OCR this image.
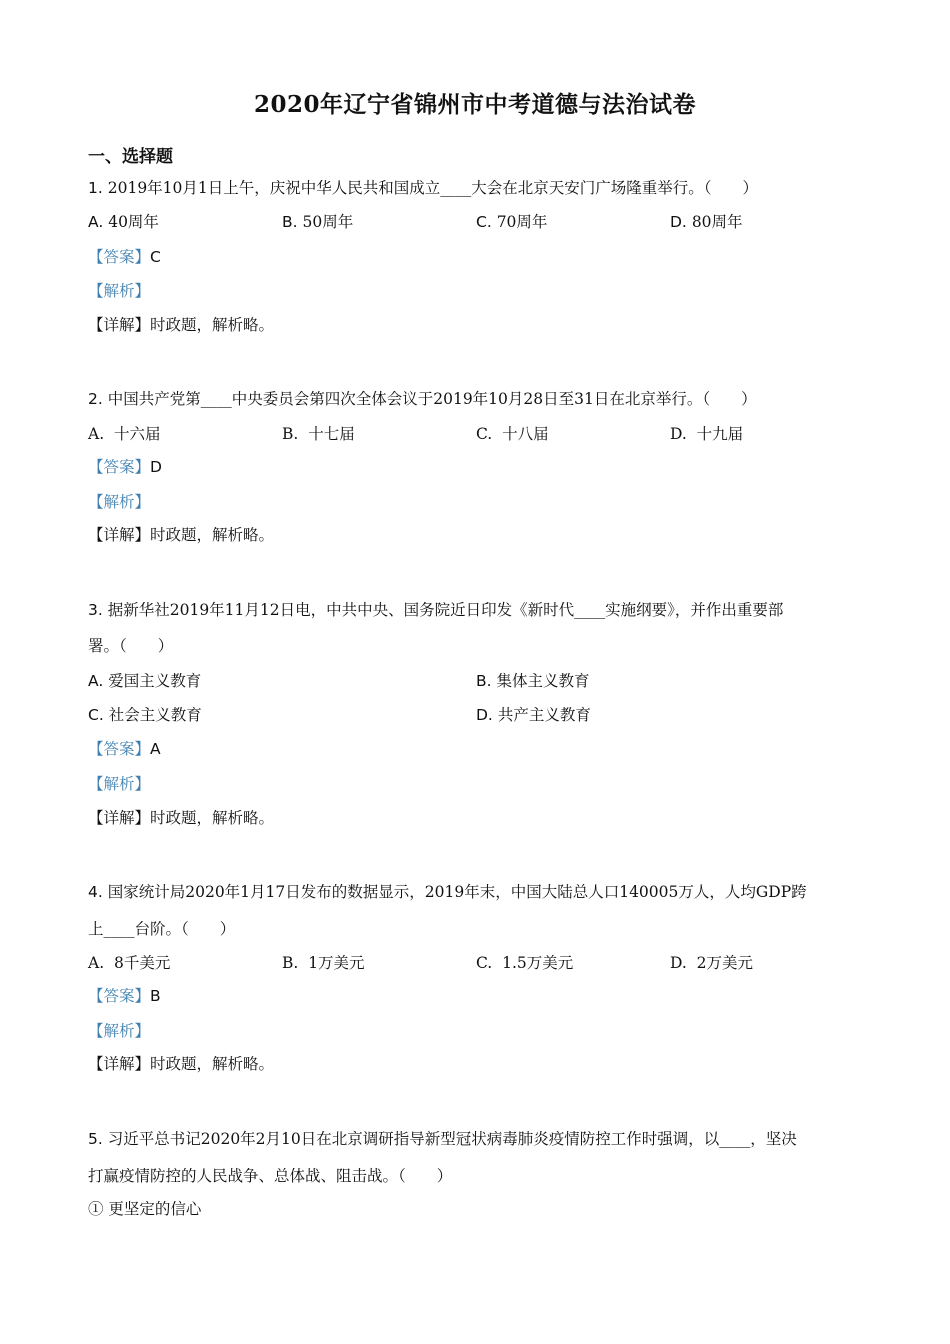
2020年辽宁省锦州市中考道德与法治试卷
一、选择题
1. 2019年10月1日上午，庆祝中华人民共和国成立____大会在北京天安门广场隆重举行。（　　）
A. 40周年	B. 50周年	C. 70周年	D. 80周年
【答案】C
【解析】
【详解】时政题，解析略。
2. 中国共产党第____中央委员会第四次全体会议于2019年10月28日至31日在北京举行。（　　）
A. 十六届	B. 十七届	C. 十八届	D. 十九届
【答案】D
【解析】
【详解】时政题，解析略。
3. 据新华社2019年11月12日电，中共中央、国务院近日印发《新时代____实施纲要》，并作出重要部
署。（　　）
A. 爱国主义教育	B. 集体主义教育
C. 社会主义教育	D. 共产主义教育
【答案】A
【解析】
【详解】时政题，解析略。
4. 国家统计局2020年1月17日发布的数据显示，2019年末，中国大陆总人口140005万人，人均GDP跨
上____台阶。（　　）
A. 8千美元	B. 1万美元	C. 1.5万美元	D. 2万美元
【答案】B
【解析】
【详解】时政题，解析略。
5. 习近平总书记2020年2月10日在北京调研指导新型冠状病毒肺炎疫情防控工作时强调，以____，坚决
打赢疫情防控的人民战争、总体战、阻击战。（　　）
① 更坚定的信心
